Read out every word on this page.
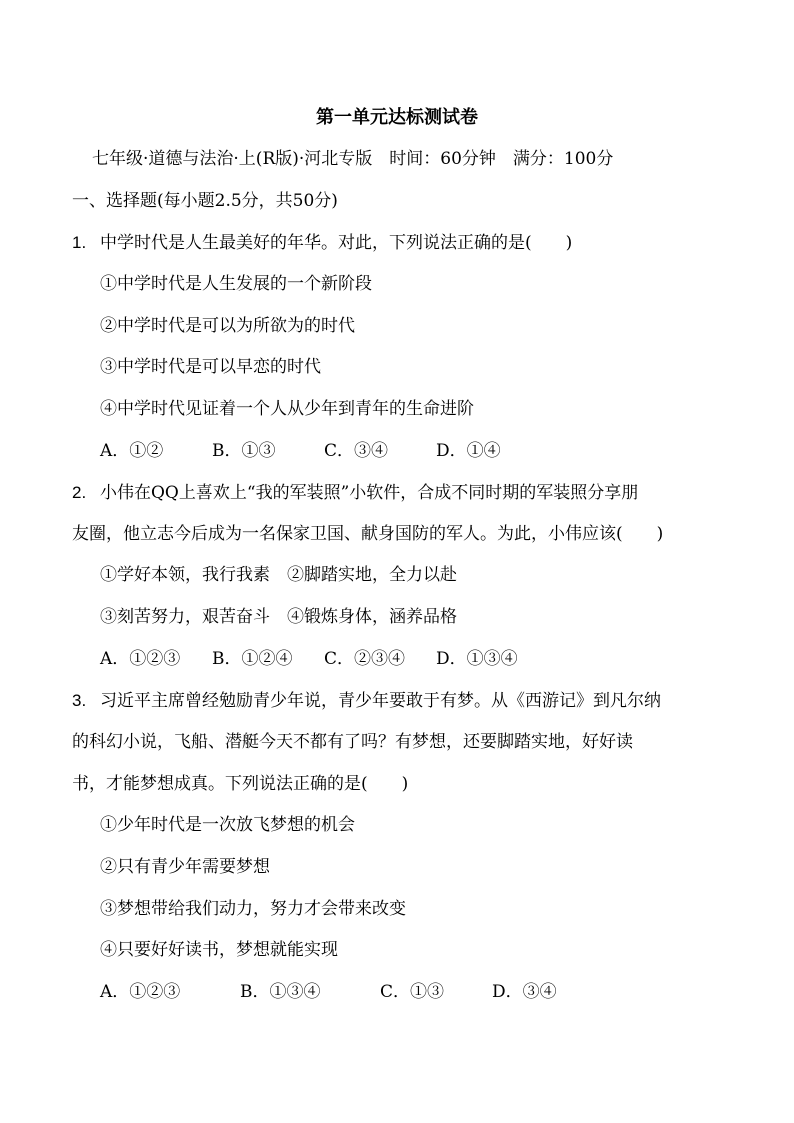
第一单元达标测试卷
七年级·道德与法治·上(R版)·河北专版　时间：60分钟　满分：100分
一、选择题(每小题2.5分，共50分)
1. 中学时代是人生最美好的年华。对此，下列说法正确的是(　　)
①中学时代是人生发展的一个新阶段
②中学时代是可以为所欲为的时代
③中学时代是可以早恋的时代
④中学时代见证着一个人从少年到青年的生命进阶
A．①②	B．①③	C．③④	D．①④
2. 小伟在QQ上喜欢上“我的军装照”小软件，合成不同时期的军装照分享朋
友圈，他立志今后成为一名保家卫国、献身国防的军人。为此，小伟应该(　　)
①学好本领，我行我素　②脚踏实地，全力以赴
③刻苦努力，艰苦奋斗　④锻炼身体，涵养品格
A．①②③ B．①②④ C．②③④ D．①③④
3. 习近平主席曾经勉励青少年说，青少年要敢于有梦。从《西游记》到凡尔纳
的科幻小说，飞船、潜艇今天不都有了吗？有梦想，还要脚踏实地，好好读
书，才能梦想成真。下列说法正确的是(　　)
①少年时代是一次放飞梦想的机会
②只有青少年需要梦想
③梦想带给我们动力，努力才会带来改变
④只要好好读书，梦想就能实现
A．①②③	B．①③④	C．①③	D．③④
